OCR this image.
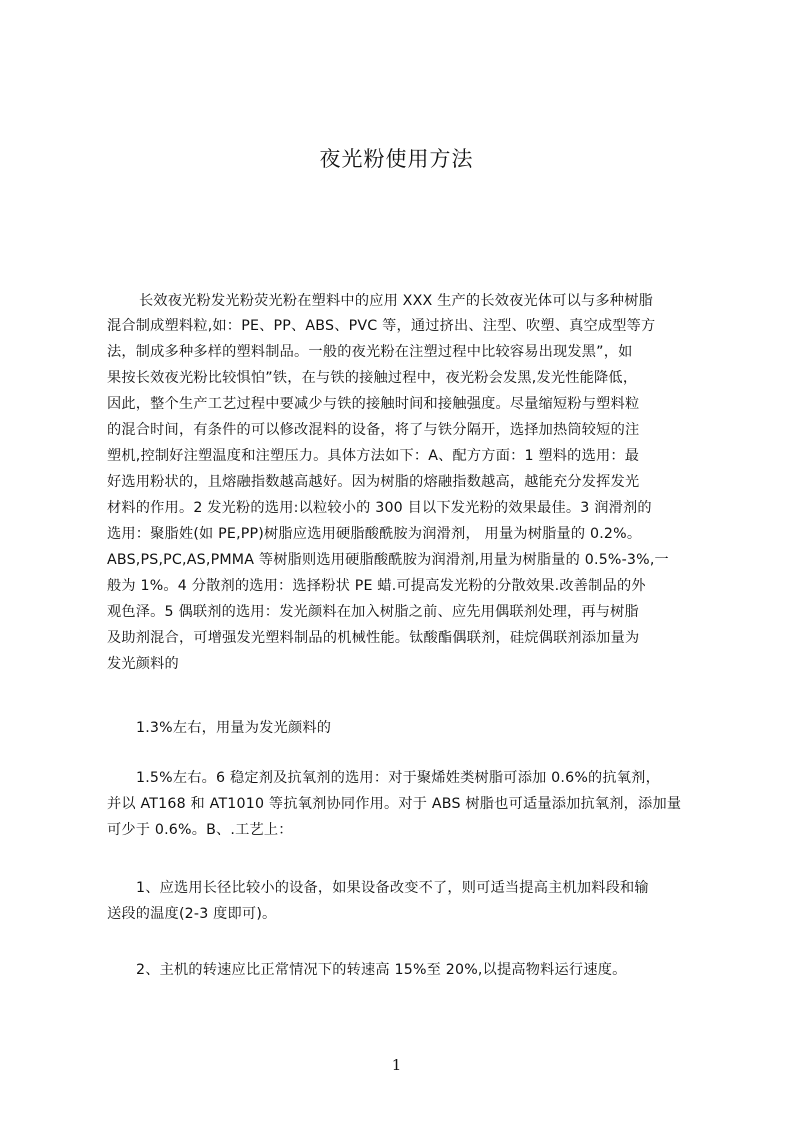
夜光粉使用方法
长效夜光粉发光粉荧光粉在塑料中的应用 XXX 生产的长效夜光体可以与多种树脂
混合制成塑料粒,如：PE、PP、ABS、PVC 等，通过挤出、注型、吹塑、真空成型等方
法，制成多种多样的塑料制品。一般的夜光粉在注塑过程中比较容易出现发黑”，如
果按长效夜光粉比较惧怕”铁，在与铁的接触过程中，夜光粉会发黑,发光性能降低，
因此，整个生产工艺过程中要减少与铁的接触时间和接触强度。尽量缩短粉与塑料粒
的混合时间，有条件的可以修改混料的设备，将了与铁分隔开，选择加热筒较短的注
塑机,控制好注塑温度和注塑压力。具体方法如下：A、配方方面：1 塑料的选用：最
好选用粉状的，且熔融指数越高越好。因为树脂的熔融指数越高，越能充分发挥发光
材料的作用。2 发光粉的选用:以粒较小的 300 目以下发光粉的效果最佳。3 润滑剂的
选用：聚脂姓(如 PE,PP)树脂应选用硬脂酸酰胺为润滑剂， 用量为树脂量的 0.2%。
ABS,PS,PC,AS,PMMA 等树脂则选用硬脂酸酰胺为润滑剂,用量为树脂量的 0.5%-3%,一
般为 1%。4 分散剂的选用：选择粉状 PE 蜡.可提高发光粉的分散效果.改善制品的外
观色泽。5 偶联剂的选用：发光颜料在加入树脂之前、应先用偶联剂处理，再与树脂
及助剂混合，可增强发光塑料制品的机械性能。钛酸酯偶联剂，硅烷偶联剂添加量为
发光颜料的
1.3%左右，用量为发光颜料的
1.5%左右。6 稳定剂及抗氧剂的选用：对于聚烯姓类树脂可添加 0.6%的抗氧剂，
并以 AT168 和 AT1010 等抗氧剂协同作用。对于 ABS 树脂也可适量添加抗氧剂，添加量
可少于 0.6%。B、.工艺上：
1、应选用长径比较小的设备，如果设备改变不了，则可适当提高主机加料段和输
送段的温度(2-3 度即可)。
2、主机的转速应比正常情况下的转速高 15%至 20%,以提高物料运行速度。
1
